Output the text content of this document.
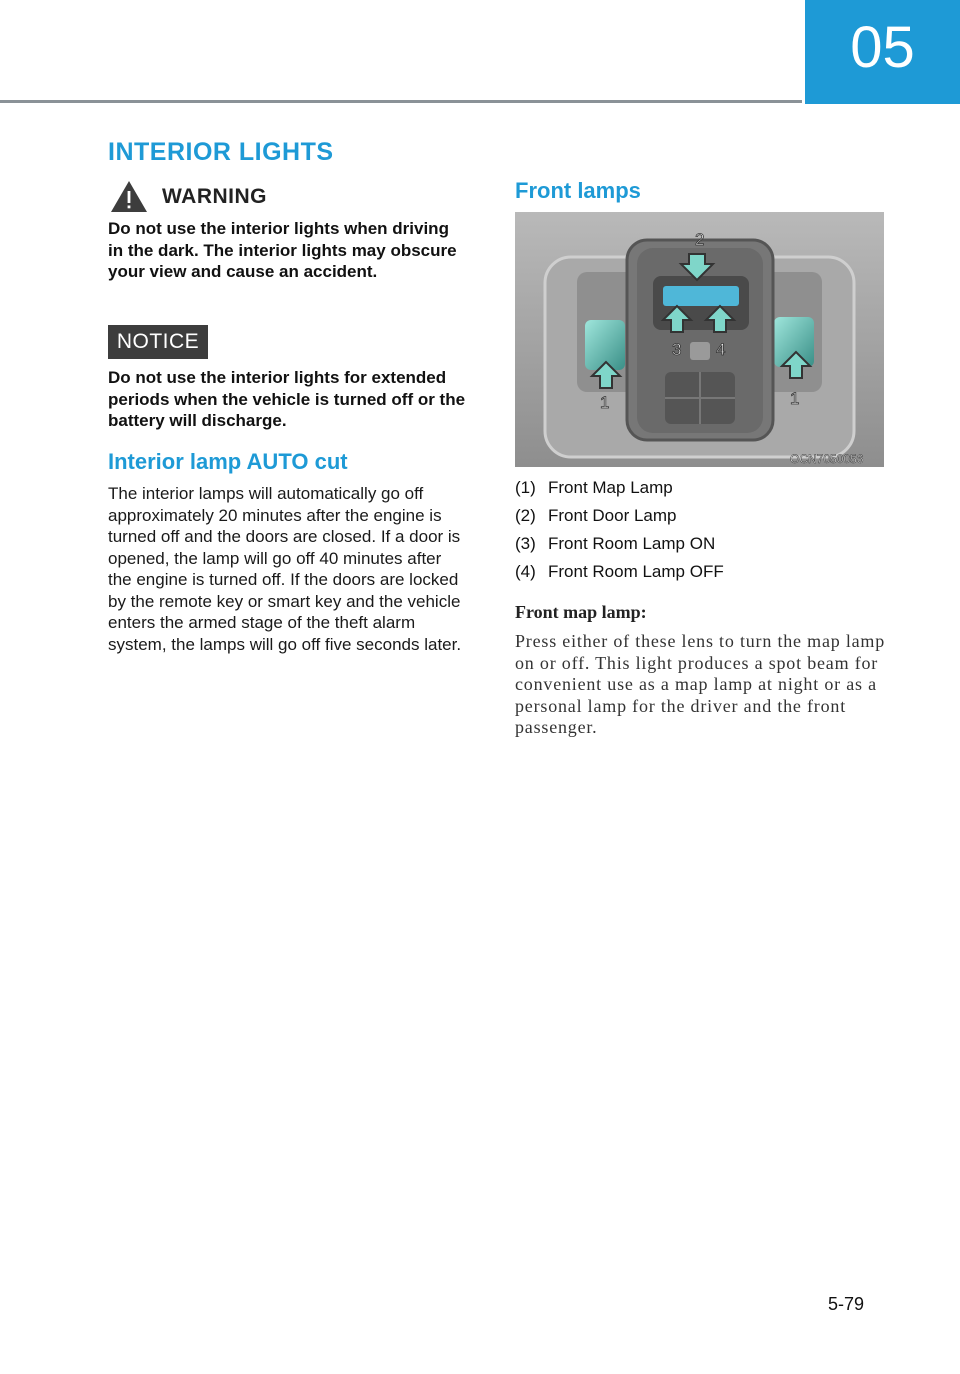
05
INTERIOR LIGHTS
WARNING
Do not use the interior lights when driving in the dark. The interior lights may obscure your view and cause an accident.
NOTICE
Do not use the interior lights for extended periods when the vehicle is turned off or the battery will discharge.
Interior lamp AUTO cut
The interior lamps will automatically go off approximately 20 minutes after the engine is turned off and the doors are closed. If a door is opened, the lamp will go off 40 minutes after the engine is turned off. If the doors are locked by the remote key or smart key and the vehicle enters the armed stage of the theft alarm system, the lamps will go off five seconds later.
Front lamps
2
3 4
1	1
OCN7050056
(1) Front Map Lamp
(2) Front Door Lamp
(3) Front Room Lamp ON
(4) Front Room Lamp OFF
Front map lamp:
Press either of these lens to turn the map lamp on or off. This light produces a spot beam for convenient use as a map lamp at night or as a personal lamp for the driver and the front passenger.
5-79
